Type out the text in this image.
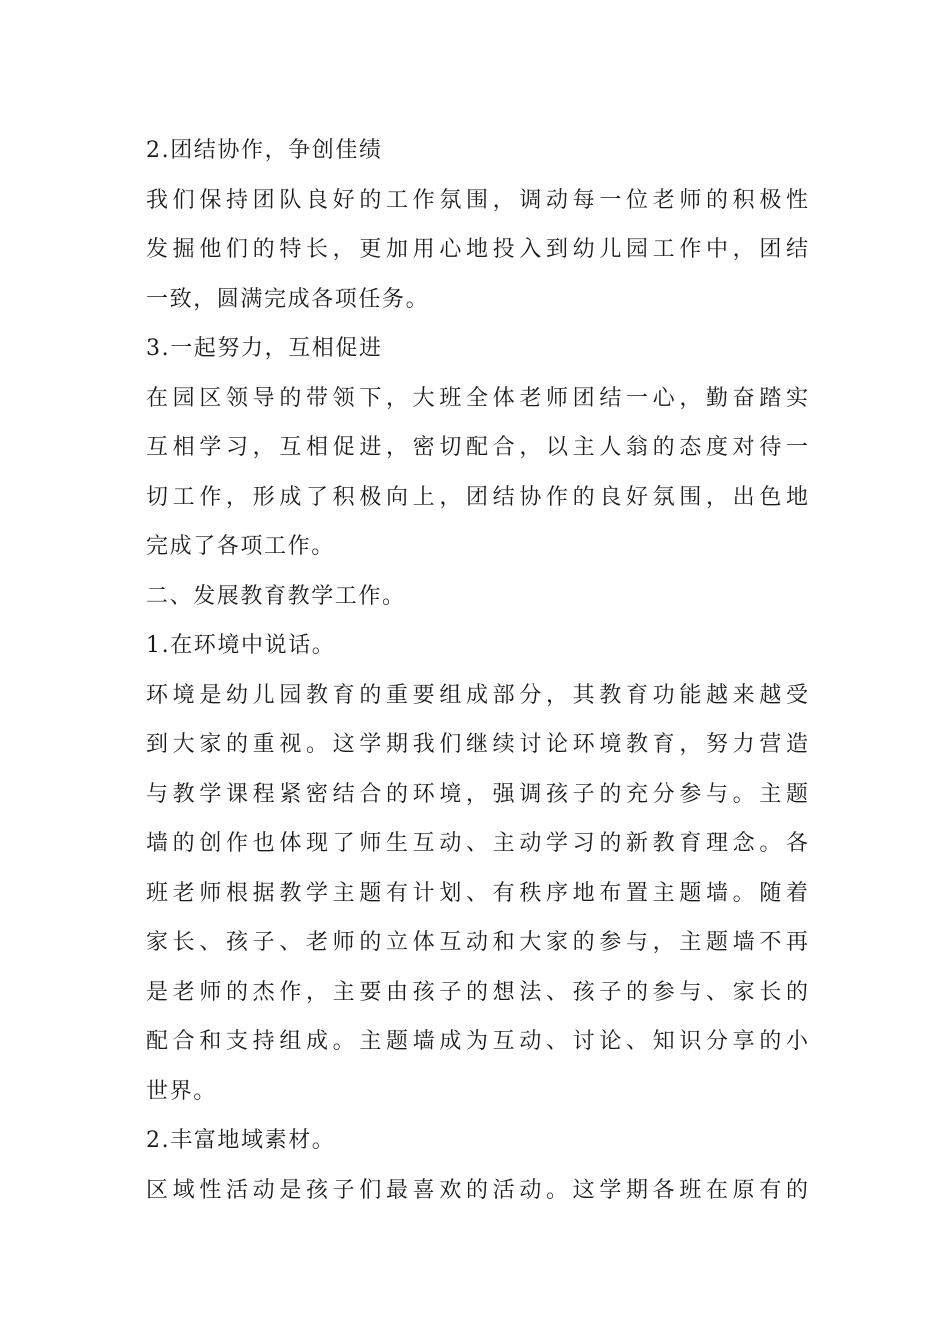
2.团结协作，争创佳绩
我们保持团队良好的工作氛围，调动每一位老师的积极性
发掘他们的特长，更加用心地投入到幼儿园工作中，团结
一致，圆满完成各项任务。
3.一起努力，互相促进
在园区领导的带领下，大班全体老师团结一心，勤奋踏实
互相学习，互相促进，密切配合，以主人翁的态度对待一
切工作，形成了积极向上，团结协作的良好氛围，出色地
完成了各项工作。
二、发展教育教学工作。
1.在环境中说话。
环境是幼儿园教育的重要组成部分，其教育功能越来越受
到大家的重视。这学期我们继续讨论环境教育，努力营造
与教学课程紧密结合的环境，强调孩子的充分参与。主题
墙的创作也体现了师生互动、主动学习的新教育理念。各
班老师根据教学主题有计划、有秩序地布置主题墙。随着
家长、孩子、老师的立体互动和大家的参与，主题墙不再
是老师的杰作，主要由孩子的想法、孩子的参与、家长的
配合和支持组成。主题墙成为互动、讨论、知识分享的小
世界。
2.丰富地域素材。
区域性活动是孩子们最喜欢的活动。这学期各班在原有的
